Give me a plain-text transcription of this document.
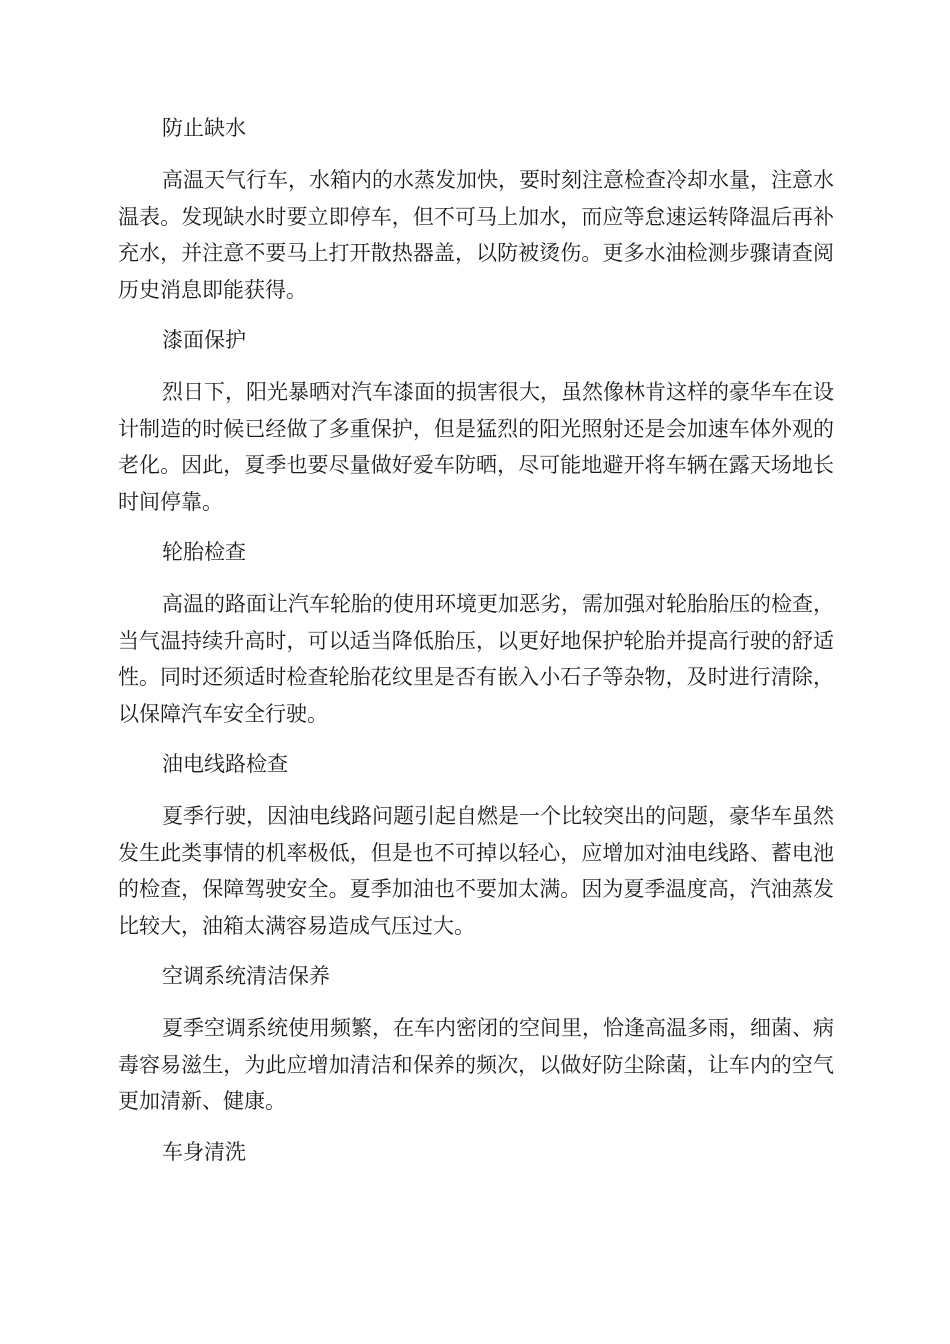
防止缺水

高温天气行车，水箱内的水蒸发加快，要时刻注意检查冷却水量，注意水温表。发现缺水时要立即停车，但不可马上加水，而应等怠速运转降温后再补充水，并注意不要马上打开散热器盖，以防被烫伤。更多水油检测步骤请查阅历史消息即能获得。

漆面保护

烈日下，阳光暴晒对汽车漆面的损害很大，虽然像林肯这样的豪华车在设计制造的时候已经做了多重保护，但是猛烈的阳光照射还是会加速车体外观的老化。因此，夏季也要尽量做好爱车防晒，尽可能地避开将车辆在露天场地长时间停靠。

轮胎检查

高温的路面让汽车轮胎的使用环境更加恶劣，需加强对轮胎胎压的检查，当气温持续升高时，可以适当降低胎压，以更好地保护轮胎并提高行驶的舒适性。同时还须适时检查轮胎花纹里是否有嵌入小石子等杂物，及时进行清除，以保障汽车安全行驶。

油电线路检查

夏季行驶，因油电线路问题引起自燃是一个比较突出的问题，豪华车虽然发生此类事情的机率极低，但是也不可掉以轻心，应增加对油电线路、蓄电池的检查，保障驾驶安全。夏季加油也不要加太满。因为夏季温度高，汽油蒸发比较大，油箱太满容易造成气压过大。

空调系统清洁保养

夏季空调系统使用频繁，在车内密闭的空间里，恰逢高温多雨，细菌、病毒容易滋生，为此应增加清洁和保养的频次，以做好防尘除菌，让车内的空气更加清新、健康。

车身清洗
